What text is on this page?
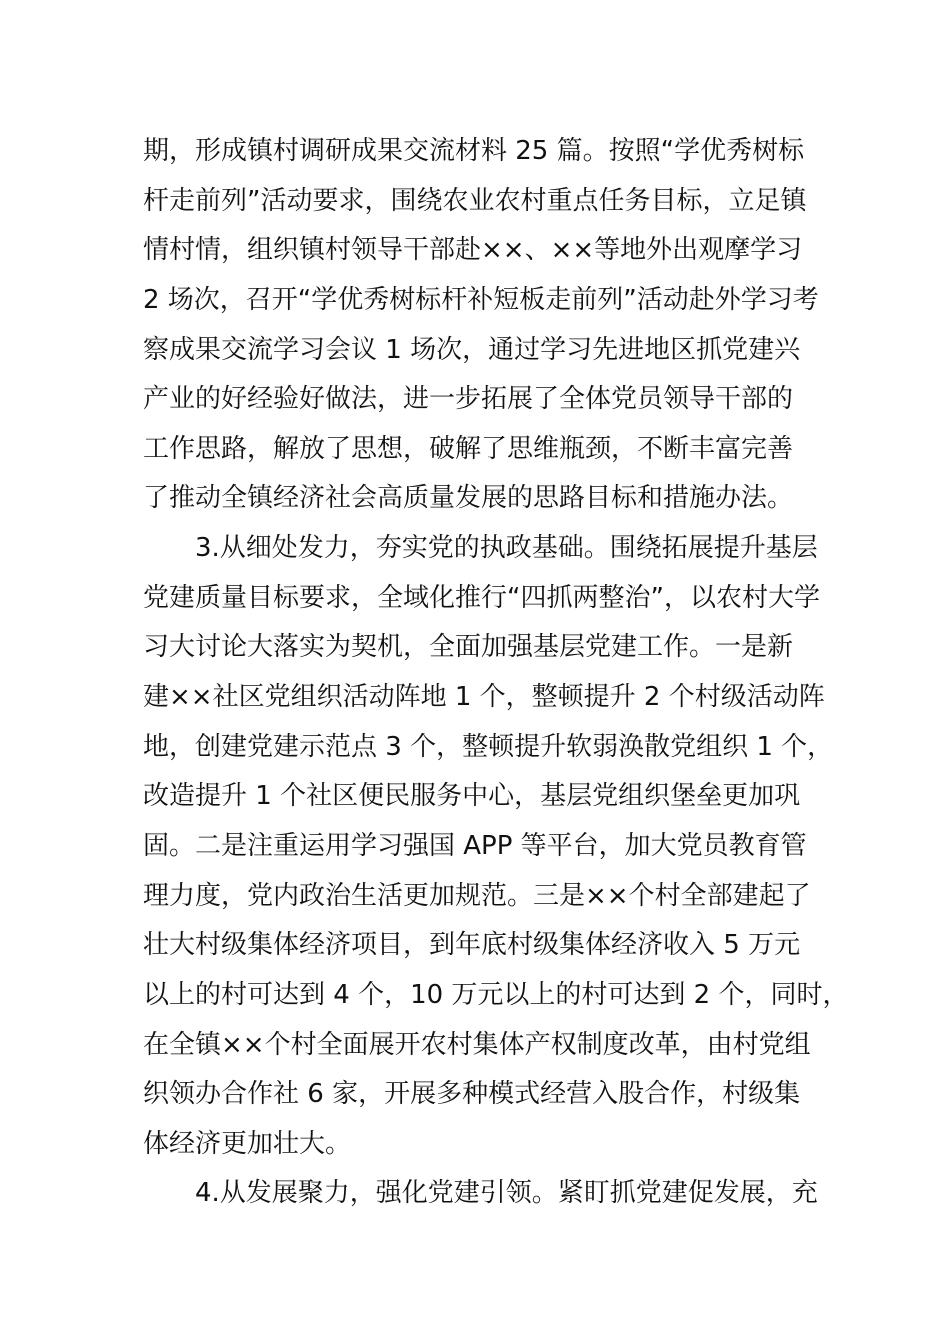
期，形成镇村调研成果交流材料 25 篇。按照“学优秀树标
杆走前列”活动要求，围绕农业农村重点任务目标，立足镇
情村情，组织镇村领导干部赴××、××等地外出观摩学习
2 场次，召开“学优秀树标杆补短板走前列”活动赴外学习考
察成果交流学习会议 1 场次，通过学习先进地区抓党建兴
产业的好经验好做法，进一步拓展了全体党员领导干部的
工作思路，解放了思想，破解了思维瓶颈，不断丰富完善
了推动全镇经济社会高质量发展的思路目标和措施办法。
3.从细处发力，夯实党的执政基础。围绕拓展提升基层
党建质量目标要求，全域化推行“四抓两整治”，以农村大学
习大讨论大落实为契机，全面加强基层党建工作。一是新
建××社区党组织活动阵地 1 个，整顿提升 2 个村级活动阵
地，创建党建示范点 3 个，整顿提升软弱涣散党组织 1 个，
改造提升 1 个社区便民服务中心，基层党组织堡垒更加巩
固。二是注重运用学习强国 APP 等平台，加大党员教育管
理力度，党内政治生活更加规范。三是××个村全部建起了
壮大村级集体经济项目，到年底村级集体经济收入 5 万元
以上的村可达到 4 个，10 万元以上的村可达到 2 个，同时，
在全镇××个村全面展开农村集体产权制度改革，由村党组
织领办合作社 6 家，开展多种模式经营入股合作，村级集
体经济更加壮大。
4.从发展聚力，强化党建引领。紧盯抓党建促发展，充
